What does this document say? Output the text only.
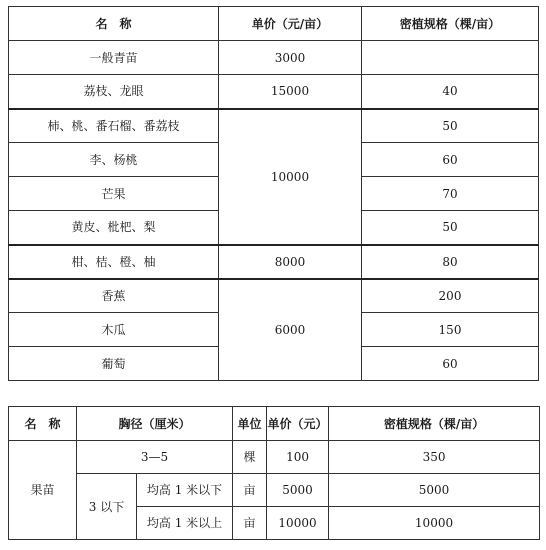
名　称	单价（元/亩）	密植规格（棵/亩）
一般青苗	3000	
荔枝、龙眼	15000	40
柿、桃、番石榴、番荔枝	10000	50
李、杨桃		60
芒果		70
黄皮、枇杷、梨		50
柑、桔、橙、柚	8000	80
香蕉	6000	200
木瓜		150
葡萄		60
名　称	胸径（厘米）		单位	单价（元）	密植规格（棵/亩）
果苗	3—5		棵	100	350
	3 以下	均高 1 米以下	亩	5000	5000
		均高 1 米以上	亩	10000	10000
